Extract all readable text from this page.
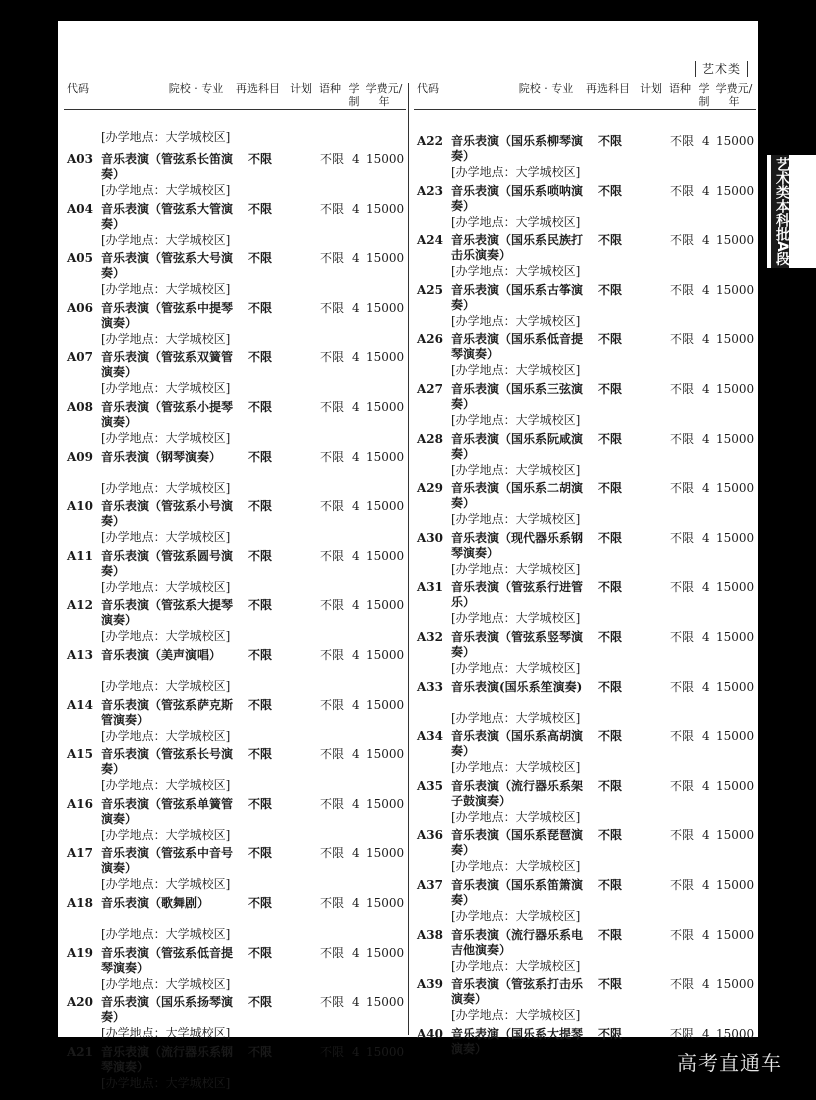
艺术类
代码	院校 · 专业	再选科目 计划 语种 学制
学费元/年
[办学地点：大学城校区]
A03 音乐表演（管弦系长笛演奏）
不限	不限 4 15000
[办学地点：大学城校区]
A04 音乐表演（管弦系大管演奏）
不限	不限 4 15000
[办学地点：大学城校区]
A05 音乐表演（管弦系大号演奏）
不限	不限 4 15000
[办学地点：大学城校区]
A06 音乐表演（管弦系中提琴演奏）
不限	不限 4 15000
[办学地点：大学城校区]
A07 音乐表演（管弦系双簧管演奏）
不限	不限 4 15000
[办学地点：大学城校区]
A08 音乐表演（管弦系小提琴演奏）
不限	不限 4 15000
[办学地点：大学城校区]
A09 音乐表演（钢琴演奏）	不限	不限 4 15000
[办学地点：大学城校区]
A10 音乐表演（管弦系小号演奏）
不限	不限 4 15000
[办学地点：大学城校区]
A11 音乐表演（管弦系圆号演奏）
不限	不限 4 15000
[办学地点：大学城校区]
A12 音乐表演（管弦系大提琴演奏）
不限	不限 4 15000
[办学地点：大学城校区]
A13 音乐表演（美声演唱）	不限	不限 4 15000
[办学地点：大学城校区]
A14 音乐表演（管弦系萨克斯管演奏）
不限	不限 4 15000
[办学地点：大学城校区]
A15 音乐表演（管弦系长号演奏）
不限	不限 4 15000
[办学地点：大学城校区]
A16 音乐表演（管弦系单簧管演奏）
不限	不限 4 15000
[办学地点：大学城校区]
A17 音乐表演（管弦系中音号演奏）
不限	不限 4 15000
[办学地点：大学城校区]
A18 音乐表演（歌舞剧）	不限	不限 4 15000
[办学地点：大学城校区]
A19 音乐表演（管弦系低音提琴演奏）
不限	不限 4 15000
[办学地点：大学城校区]
A20 音乐表演（国乐系扬琴演奏）
不限	不限 4 15000
[办学地点：大学城校区]
A21 音乐表演（流行器乐系钢琴演奏）
不限	不限 4 15000
[办学地点：大学城校区]
代码	院校 · 专业	再选科目 计划 语种 学制
学费元/年
A22 音乐表演（国乐系柳琴演奏）
不限	不限 4 15000
[办学地点：大学城校区]
A23 音乐表演（国乐系唢呐演奏）
不限	不限 4 15000
[办学地点：大学城校区]
A24 音乐表演（国乐系民族打击乐演奏）
不限	不限 4 15000
[办学地点：大学城校区]
A25 音乐表演（国乐系古筝演奏）
不限	不限 4 15000
[办学地点：大学城校区]
A26 音乐表演（国乐系低音提琴演奏）
不限	不限 4 15000
[办学地点：大学城校区]
A27 音乐表演（国乐系三弦演奏）
不限	不限 4 15000
[办学地点：大学城校区]
A28 音乐表演（国乐系阮咸演奏）
不限	不限 4 15000
[办学地点：大学城校区]
A29 音乐表演（国乐系二胡演奏）
不限	不限 4 15000
[办学地点：大学城校区]
A30 音乐表演（现代器乐系钢琴演奏）
不限	不限 4 15000
[办学地点：大学城校区]
A31 音乐表演（管弦系行进管乐）
不限	不限 4 15000
[办学地点：大学城校区]
A32 音乐表演（管弦系竖琴演奏）
不限	不限 4 15000
[办学地点：大学城校区]
A33 音乐表演(国乐系笙演奏)	不限	不限 4 15000
[办学地点：大学城校区]
A34 音乐表演（国乐系高胡演奏）
不限	不限 4 15000
[办学地点：大学城校区]
A35 音乐表演（流行器乐系架子鼓演奏）
不限	不限 4 15000
[办学地点：大学城校区]
A36 音乐表演（国乐系琵琶演奏）
不限	不限 4 15000
[办学地点：大学城校区]
A37 音乐表演（国乐系笛箫演奏）
不限	不限 4 15000
[办学地点：大学城校区]
A38 音乐表演（流行器乐系电吉他演奏）
不限	不限 4 15000
[办学地点：大学城校区]
A39 音乐表演（管弦系打击乐演奏）
不限	不限 4 15000
[办学地点：大学城校区]
A40 音乐表演（国乐系大提琴演奏）
不限	不限 4 15000
艺术类本科批A段
高考直通车
